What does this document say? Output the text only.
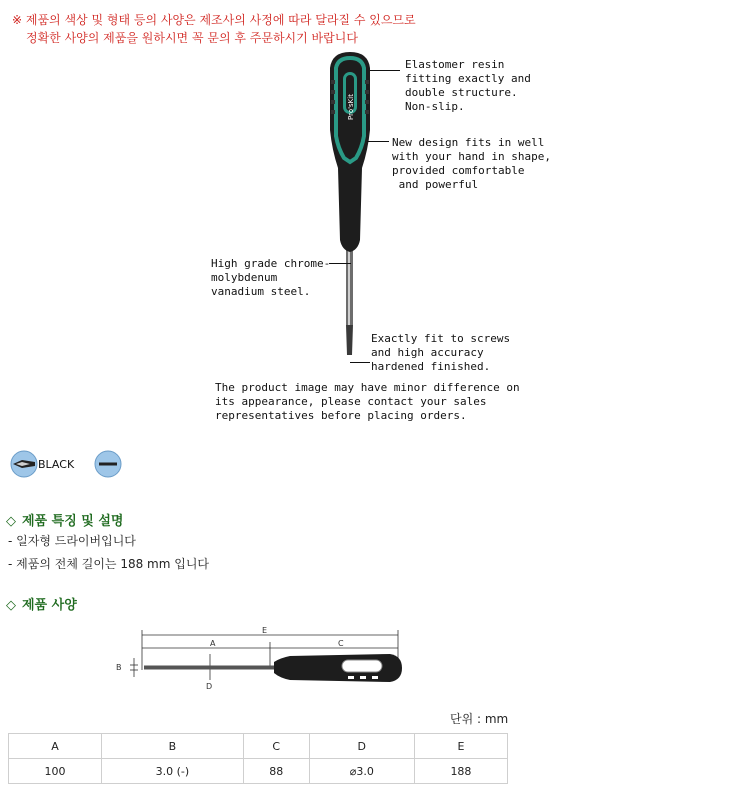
※ 제품의 색상 및 형태 등의 사양은 제조사의 사정에 따라 달라질 수 있으므로
정확한 사양의 제품을 원하시면 꼭 문의 후 주문하시기 바랍니다
Pro'sKit
Elastomer resin
fitting exactly and
double structure.
Non-slip.
New design fits in well
with your hand in shape,
provided comfortable
and powerful
High grade chrome-
molybdenum
vanadium steel.
Exactly fit to screws
and high accuracy
hardened finished.
The product image may have minor difference on its appearance, please contact your sales representatives before placing orders.
BLACK
◇ 제품 특징 및 설명
- 일자형 드라이버입니다
- 제품의 전체 길이는 188 mm 입니다
◇ 제품 사양
E
A	C
B
D
단위 : mm
A	B	C	D	E
100	3.0 (-)	88	⌀3.0	188
